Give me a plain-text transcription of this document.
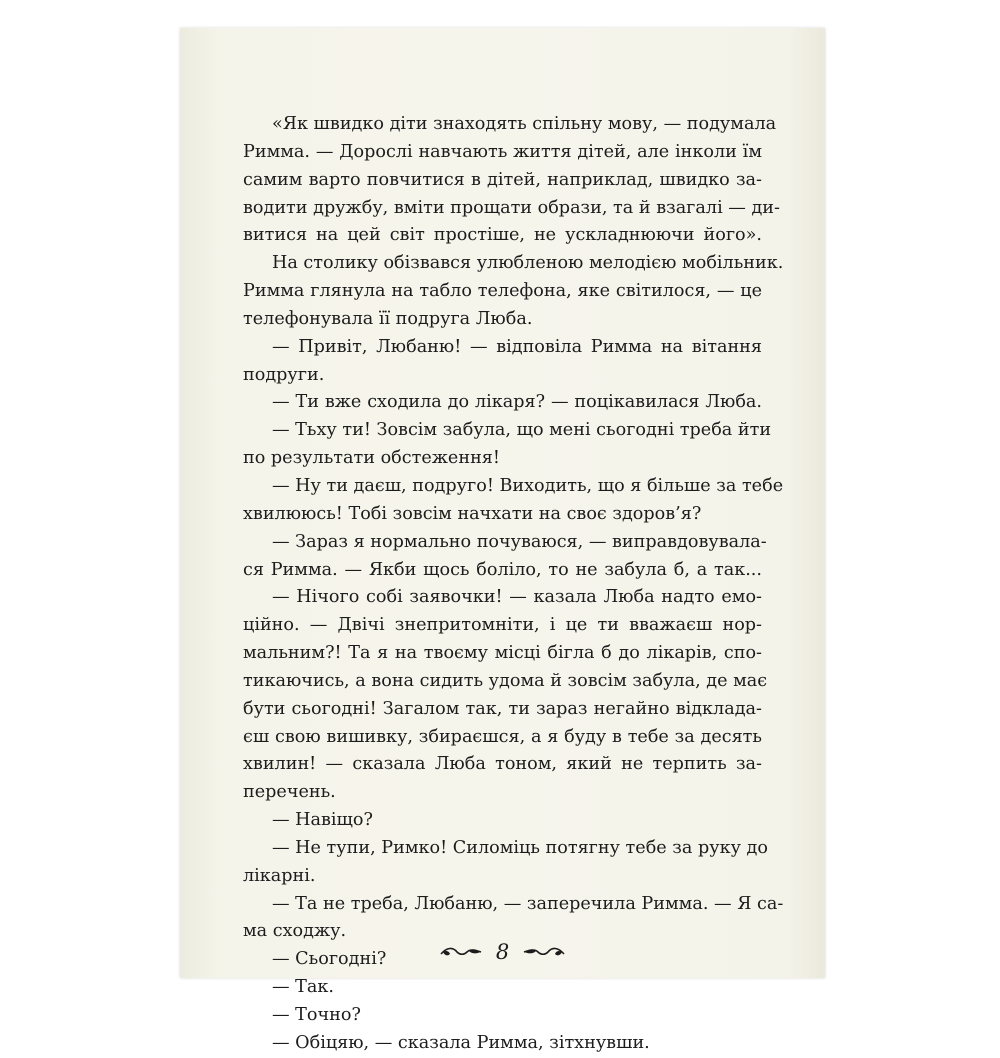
«Як швидко діти знаходять спільну мову, — подумала
Римма. — Дорослі навчають життя дітей, але інколи їм
самим варто повчитися в дітей, наприклад, швидко за-
водити дружбу, вміти прощати образи, та й взагалі — ди-
витися на цей світ простіше, не ускладнюючи його».
На столику обізвався улюбленою мелодією мобільник.
Римма глянула на табло телефона, яке світилося, — це
телефонувала її подруга Люба.
— Привіт, Любаню! — відповіла Римма на вітання
подруги.
— Ти вже сходила до лікаря? — поцікавилася Люба.
— Тьху ти! Зовсім забула, що мені сьогодні треба йти
по результати обстеження!
— Ну ти даєш, подруго! Виходить, що я більше за тебе
хвилююсь! Тобі зовсім начхати на своє здоров’я?
— Зараз я нормально почуваюся, — виправдовувала-
ся Римма. — Якби щось боліло, то не забула б, а так...
— Нічого собі заявочки! — казала Люба надто емо-
ційно. — Двічі знепритомніти, і це ти вважаєш нор-
мальним?! Та я на твоєму місці бігла б до лікарів, спо-
тикаючись, а вона сидить удома й зовсім забула, де має
бути сьогодні! Загалом так, ти зараз негайно відклада-
єш свою вишивку, збираєшся, а я буду в тебе за десять
хвилин! — сказала Люба тоном, який не терпить за-
перечень.
— Навіщо?
— Не тупи, Римко! Силоміць потягну тебе за руку до
лікарні.
— Та не треба, Любаню, — заперечила Римма. — Я са-
ма сходжу.
— Сьогодні?
— Так.
— Точно?
— Обіцяю, — сказала Римма, зітхнувши.
8
